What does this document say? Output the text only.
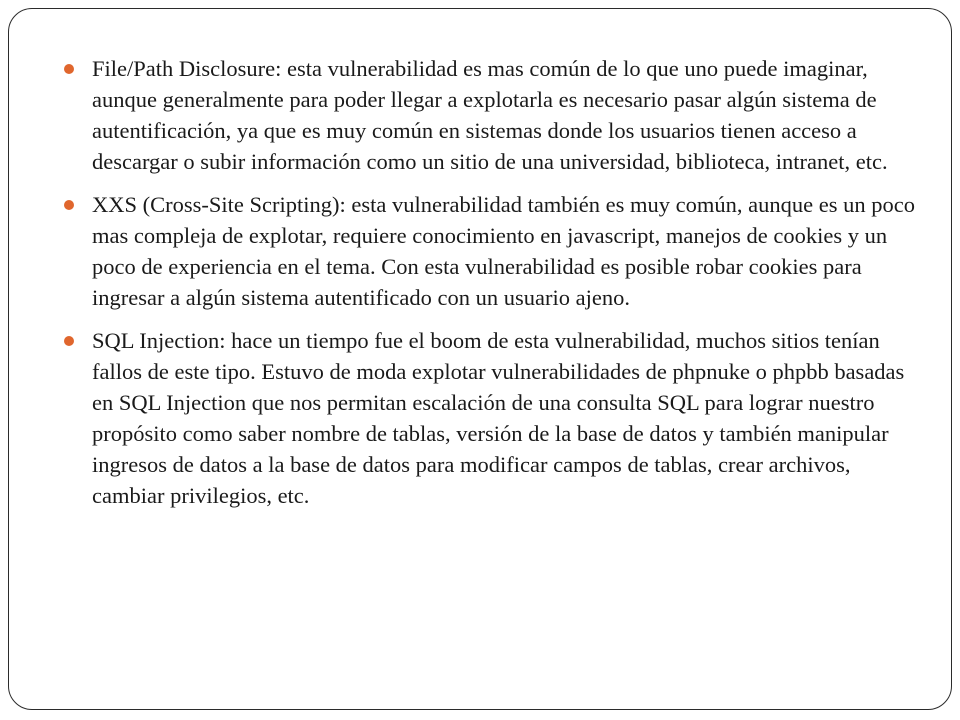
File/Path Disclosure: esta vulnerabilidad es mas común de lo que uno puede imaginar, aunque generalmente para poder llegar a explotarla es necesario pasar algún sistema de autentificación, ya que es muy común en sistemas donde los usuarios tienen acceso a descargar o subir información como un sitio de una universidad, biblioteca, intranet, etc.
XXS (Cross-Site Scripting): esta vulnerabilidad también es muy común, aunque es un poco mas compleja de explotar, requiere conocimiento en javascript, manejos de cookies y un poco de experiencia en el tema. Con esta vulnerabilidad es posible robar cookies para ingresar a algún sistema autentificado con un usuario ajeno.
SQL Injection: hace un tiempo fue el boom de esta vulnerabilidad, muchos sitios tenían fallos de este tipo. Estuvo de moda explotar vulnerabilidades de phpnuke o phpbb basadas en SQL Injection que nos permitan escalación de una consulta SQL para lograr nuestro propósito como saber nombre de tablas, versión de la base de datos y también manipular ingresos de datos a la base de datos para modificar campos de tablas, crear archivos, cambiar privilegios, etc.
